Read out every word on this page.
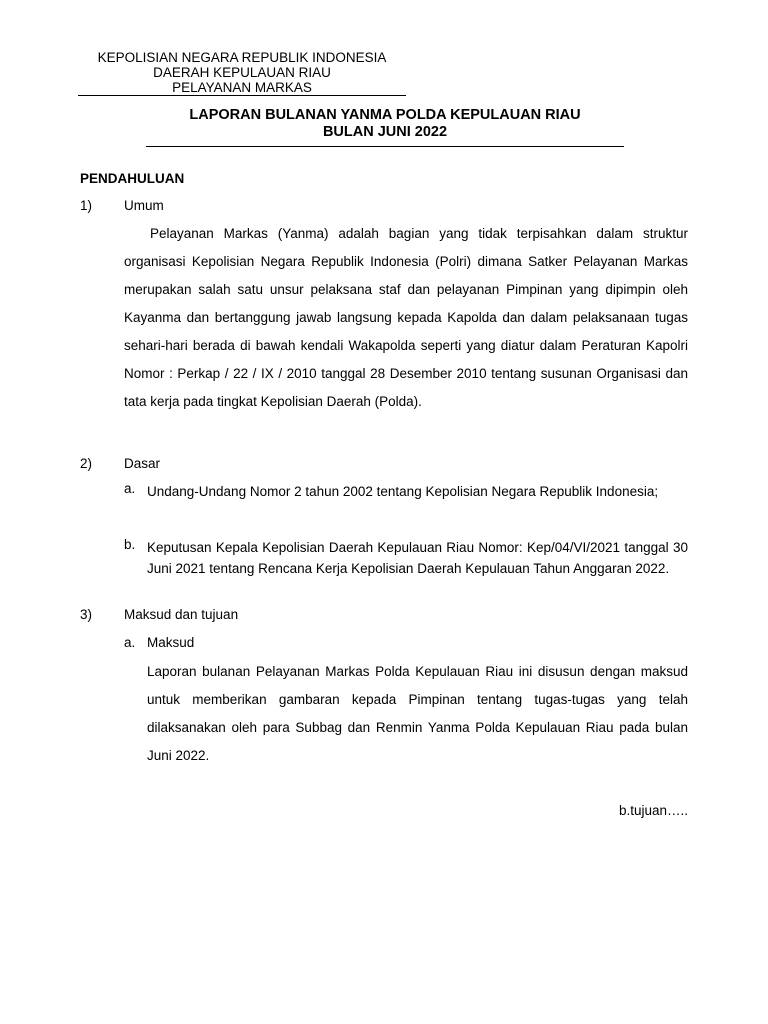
KEPOLISIAN NEGARA REPUBLIK INDONESIA
DAERAH KEPULAUAN RIAU
PELAYANAN MARKAS
LAPORAN BULANAN YANMA POLDA KEPULAUAN RIAU
BULAN JUNI 2022
PENDAHULUAN
1) Umum
Pelayanan Markas (Yanma) adalah bagian yang tidak terpisahkan dalam struktur organisasi Kepolisian Negara Republik Indonesia (Polri) dimana Satker Pelayanan Markas merupakan salah satu unsur pelaksana staf dan pelayanan Pimpinan yang dipimpin oleh Kayanma dan bertanggung jawab langsung kepada Kapolda dan dalam pelaksanaan tugas sehari-hari berada di bawah kendali Wakapolda seperti yang diatur dalam Peraturan Kapolri Nomor : Perkap / 22 / IX / 2010 tanggal 28 Desember 2010 tentang susunan Organisasi dan tata kerja pada tingkat Kepolisian Daerah (Polda).
2) Dasar
a. Undang-Undang Nomor 2 tahun 2002 tentang Kepolisian Negara Republik Indonesia;
b. Keputusan Kepala Kepolisian Daerah Kepulauan Riau Nomor: Kep/04/VI/2021 tanggal 30 Juni 2021 tentang Rencana Kerja Kepolisian Daerah Kepulauan Tahun Anggaran 2022.
3) Maksud dan tujuan
a. Maksud
Laporan bulanan Pelayanan Markas Polda Kepulauan Riau ini disusun dengan maksud untuk memberikan gambaran kepada Pimpinan tentang tugas-tugas yang telah dilaksanakan oleh para Subbag dan Renmin Yanma Polda Kepulauan Riau pada bulan Juni 2022.
b.tujuan…..
